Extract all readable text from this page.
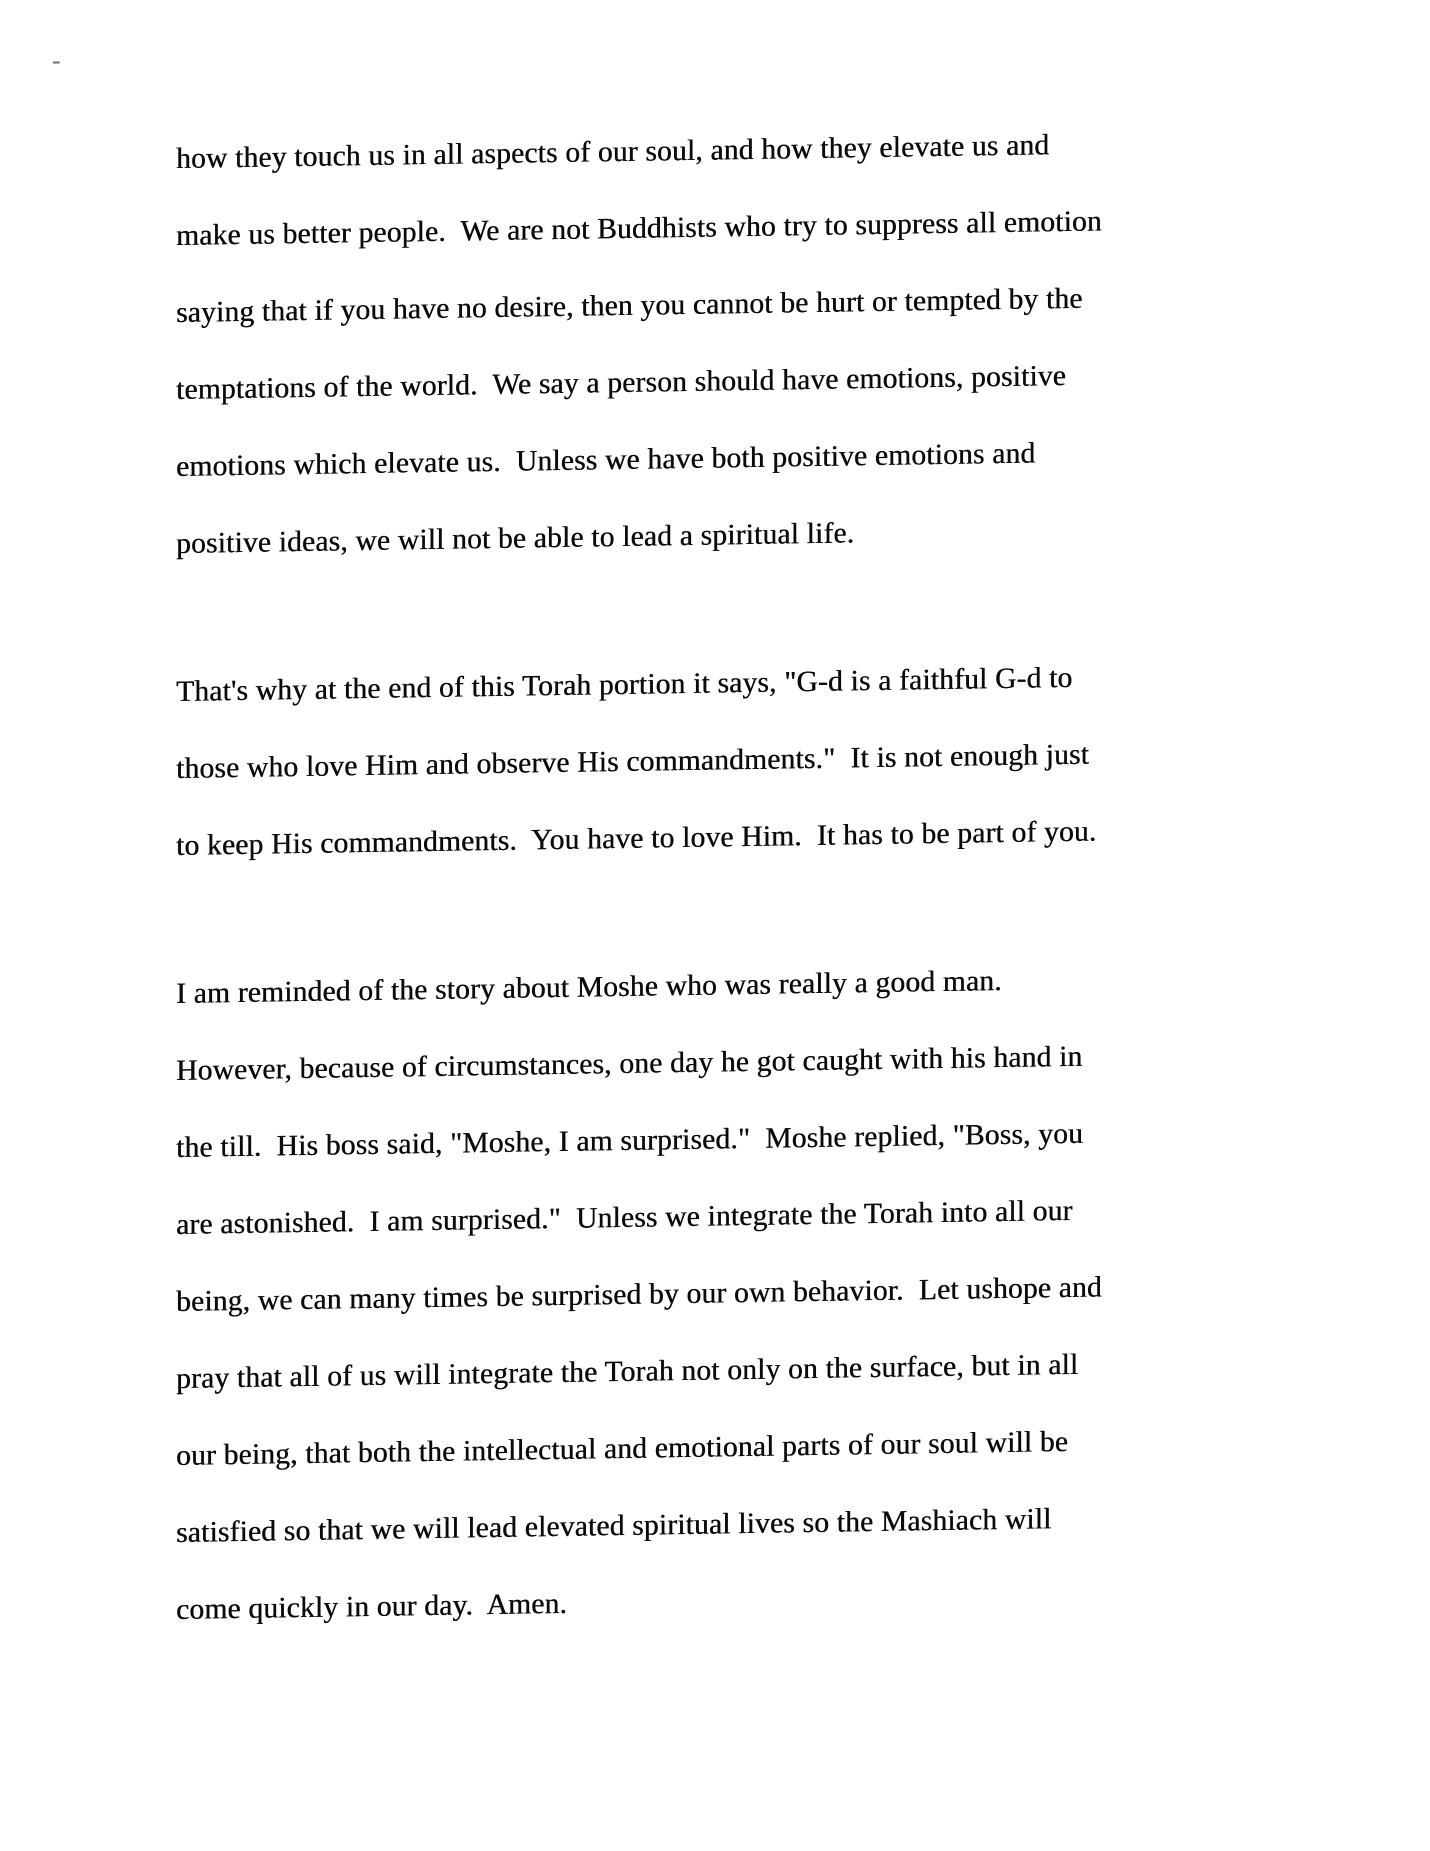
-
how they touch us in all aspects of our soul, and how they elevate us and
make us better people.  We are not Buddhists who try to suppress all emotion
saying that if you have no desire, then you cannot be hurt or tempted by the
temptations of the world.  We say a person should have emotions, positive
emotions which elevate us.  Unless we have both positive emotions and
positive ideas, we will not be able to lead a spiritual life.
That's why at the end of this Torah portion it says, "G-d is a faithful G-d to
those who love Him and observe His commandments."  It is not enough just
to keep His commandments.  You have to love Him.  It has to be part of you.
I am reminded of the story about Moshe who was really a good man.
However, because of circumstances, one day he got caught with his hand in
the till.  His boss said, "Moshe, I am surprised."  Moshe replied, "Boss, you
are astonished.  I am surprised."  Unless we integrate the Torah into all our
being, we can many times be surprised by our own behavior.  Let ushope and
pray that all of us will integrate the Torah not only on the surface, but in all
our being, that both the intellectual and emotional parts of our soul will be
satisfied so that we will lead elevated spiritual lives so the Mashiach will
come quickly in our day.  Amen.
